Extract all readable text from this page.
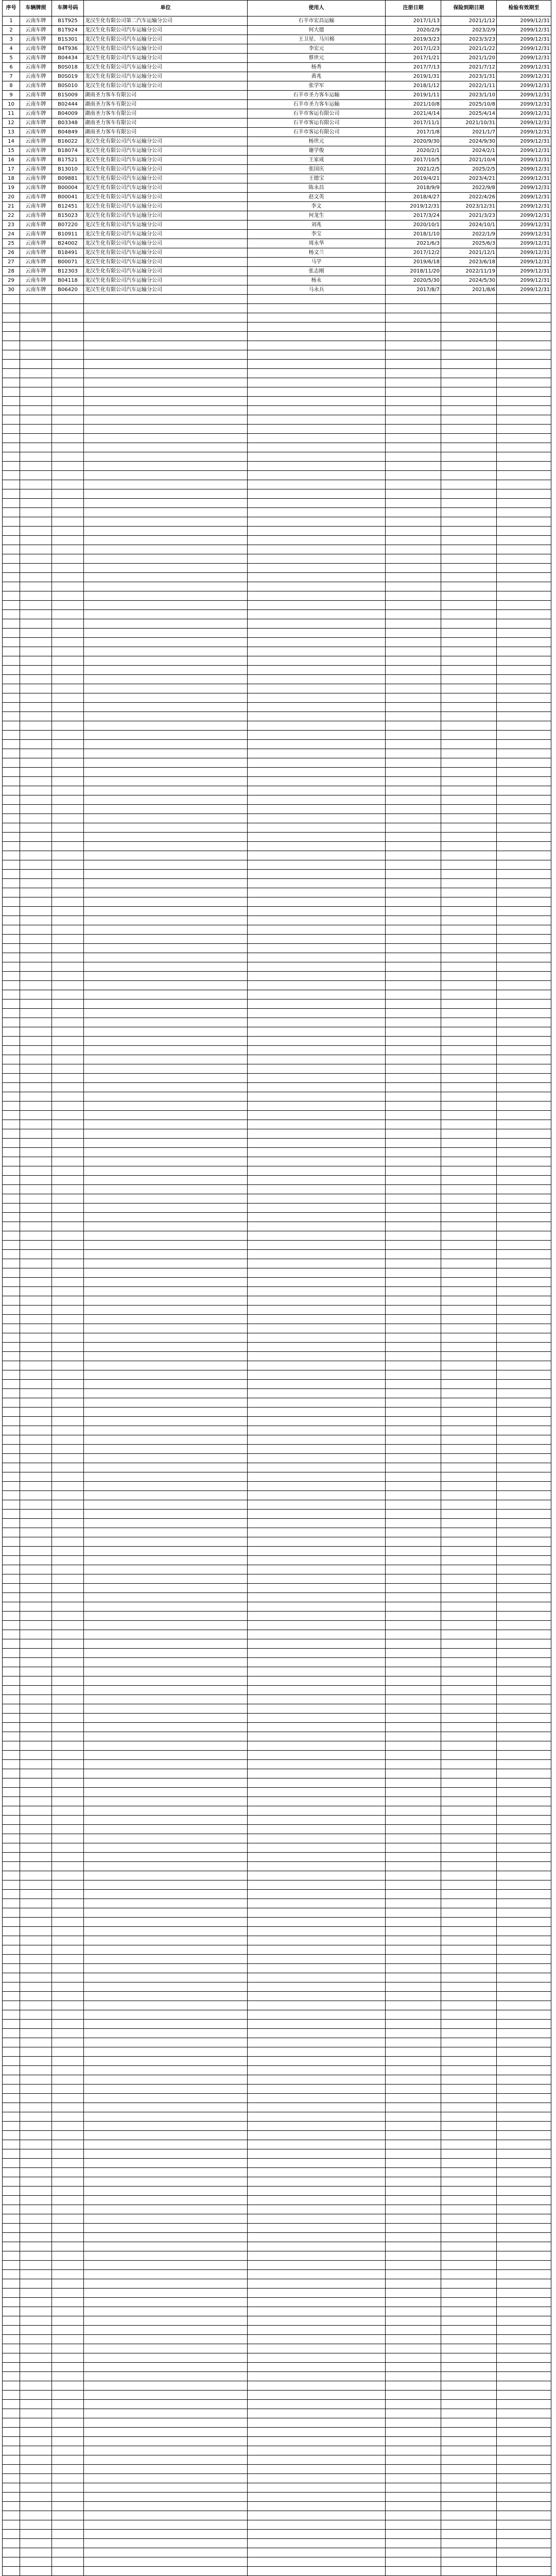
序号	车辆牌照	车牌号码	单位	使用人	注册日期	保险到期日期	检验有效期至
1	云南车牌	B1T925	龙汉生化有限公司第二汽车运输分公司	石羊市宏昌运输	2017/1/13	2021/1/12	2099/12/31
2	云南车牌	B1T924	龙汉生化有限公司汽车运输分公司	何大德	2020/2/9	2023/2/9	2099/12/31
3	云南车牌	B1S301	龙汉生化有限公司汽车运输分公司	王卫星、马川棉	2019/3/23	2023/3/23	2099/12/31
4	云南车牌	B4T936	龙汉生化有限公司汽车运输分公司	李宏元	2017/1/23	2021/1/22	2099/12/31
5	云南车牌	B04434	龙汉生化有限公司汽车运输分公司	蔡世元	2017/1/21	2021/1/20	2099/12/31
6	云南车牌	B0S018	龙汉生化有限公司汽车运输分公司	杨秀	2017/7/13	2021/7/12	2099/12/31
7	云南车牌	B0S019	龙汉生化有限公司汽车运输分公司	黄兆	2019/1/31	2023/1/31	2099/12/31
8	云南车牌	B0S010	龙汉生化有限公司汽车运输分公司	张学军	2018/1/12	2022/1/11	2099/12/31
9	云南车牌	B1S009	湖南圣力客车有限公司	石羊市圣力客车运输	2019/1/11	2023/1/10	2099/12/31
10	云南车牌	B02444	湖南圣力客车有限公司	石羊市圣力客车运输	2021/10/8	2025/10/8	2099/12/31
11	云南车牌	B04009	湖南圣力客车有限公司	石羊市客运有限公司	2021/4/14	2025/4/14	2099/12/31
12	云南车牌	B03348	湖南圣力客车有限公司	石羊市客运有限公司	2017/11/1	2021/10/31	2099/12/31
13	云南车牌	B04849	湖南圣力客车有限公司	石羊市客运有限公司	2017/1/8	2021/1/7	2099/12/31
14	云南车牌	B16022	龙汉生化有限公司汽车运输分公司	杨世元	2020/9/30	2024/9/30	2099/12/31
15	云南车牌	B18074	龙汉生化有限公司汽车运输分公司	谢学俊	2020/2/1	2024/2/1	2099/12/31
16	云南车牌	B17521	龙汉生化有限公司汽车运输分公司	王家成	2017/10/5	2021/10/4	2099/12/31
17	云南车牌	B13010	龙汉生化有限公司汽车运输分公司	张国庆	2021/2/5	2025/2/5	2099/12/31
18	云南车牌	B09881	龙汉生化有限公司汽车运输分公司	王德宝	2019/4/21	2023/4/21	2099/12/31
19	云南车牌	B00004	龙汉生化有限公司汽车运输分公司	陈永昌	2018/9/9	2022/9/8	2099/12/31
20	云南车牌	B00041	龙汉生化有限公司汽车运输分公司	赵文英	2018/4/27	2022/4/26	2099/12/31
21	云南车牌	B12451	龙汉生化有限公司汽车运输分公司	李文	2019/12/31	2023/12/31	2099/12/31
22	云南车牌	B15023	龙汉生化有限公司汽车运输分公司	何龙生	2017/3/24	2021/3/23	2099/12/31
23	云南车牌	B07220	龙汉生化有限公司汽车运输分公司	刘兆	2020/10/1	2024/10/1	2099/12/31
24	云南车牌	B10911	龙汉生化有限公司汽车运输分公司	李宝	2018/1/10	2022/1/9	2099/12/31
25	云南车牌	B24002	龙汉生化有限公司汽车运输分公司	周永华	2021/6/3	2025/6/3	2099/12/31
26	云南车牌	B18491	龙汉生化有限公司汽车运输分公司	杨文兰	2017/12/2	2021/12/1	2099/12/31
27	云南车牌	B00071	龙汉生化有限公司汽车运输分公司	马学	2019/6/18	2023/6/18	2099/12/31
28	云南车牌	B12303	龙汉生化有限公司汽车运输分公司	张志刚	2018/11/20	2022/11/19	2099/12/31
29	云南车牌	B04118	龙汉生化有限公司汽车运输分公司	杨永	2020/5/30	2024/5/30	2099/12/31
30	云南车牌	B06420	龙汉生化有限公司汽车运输分公司	马永兵	2017/8/7	2021/8/6	2099/12/31
